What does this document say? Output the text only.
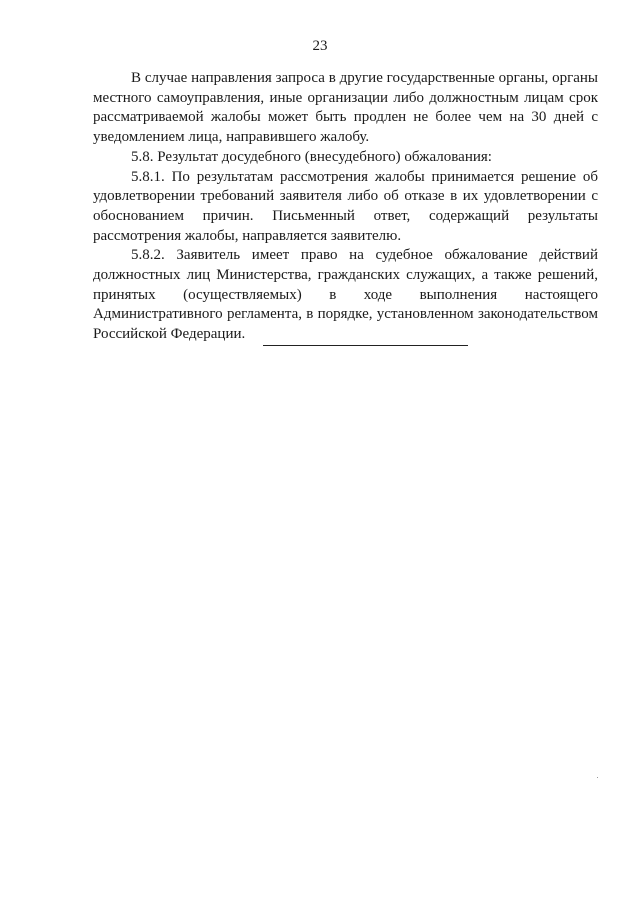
23

В случае направления запроса в другие государственные органы, органы местного самоуправления, иные организации либо должностным лицам срок рассматриваемой жалобы может быть продлен не более чем на 30 дней с уведомлением лица, направившего жалобу.

5.8. Результат досудебного (внесудебного) обжалования:

5.8.1. По результатам рассмотрения жалобы принимается решение об удовлетворении требований заявителя либо об отказе в их удовлетворении с обоснованием причин. Письменный ответ, содержащий результаты рассмотрения жалобы, направляется заявителю.

5.8.2. Заявитель имеет право на судебное обжалование действий должностных лиц Министерства, гражданских служащих, а также решений, принятых (осуществляемых) в ходе выполнения настоящего Административного регламента, в порядке, установленном законодательством Российской Федерации.
